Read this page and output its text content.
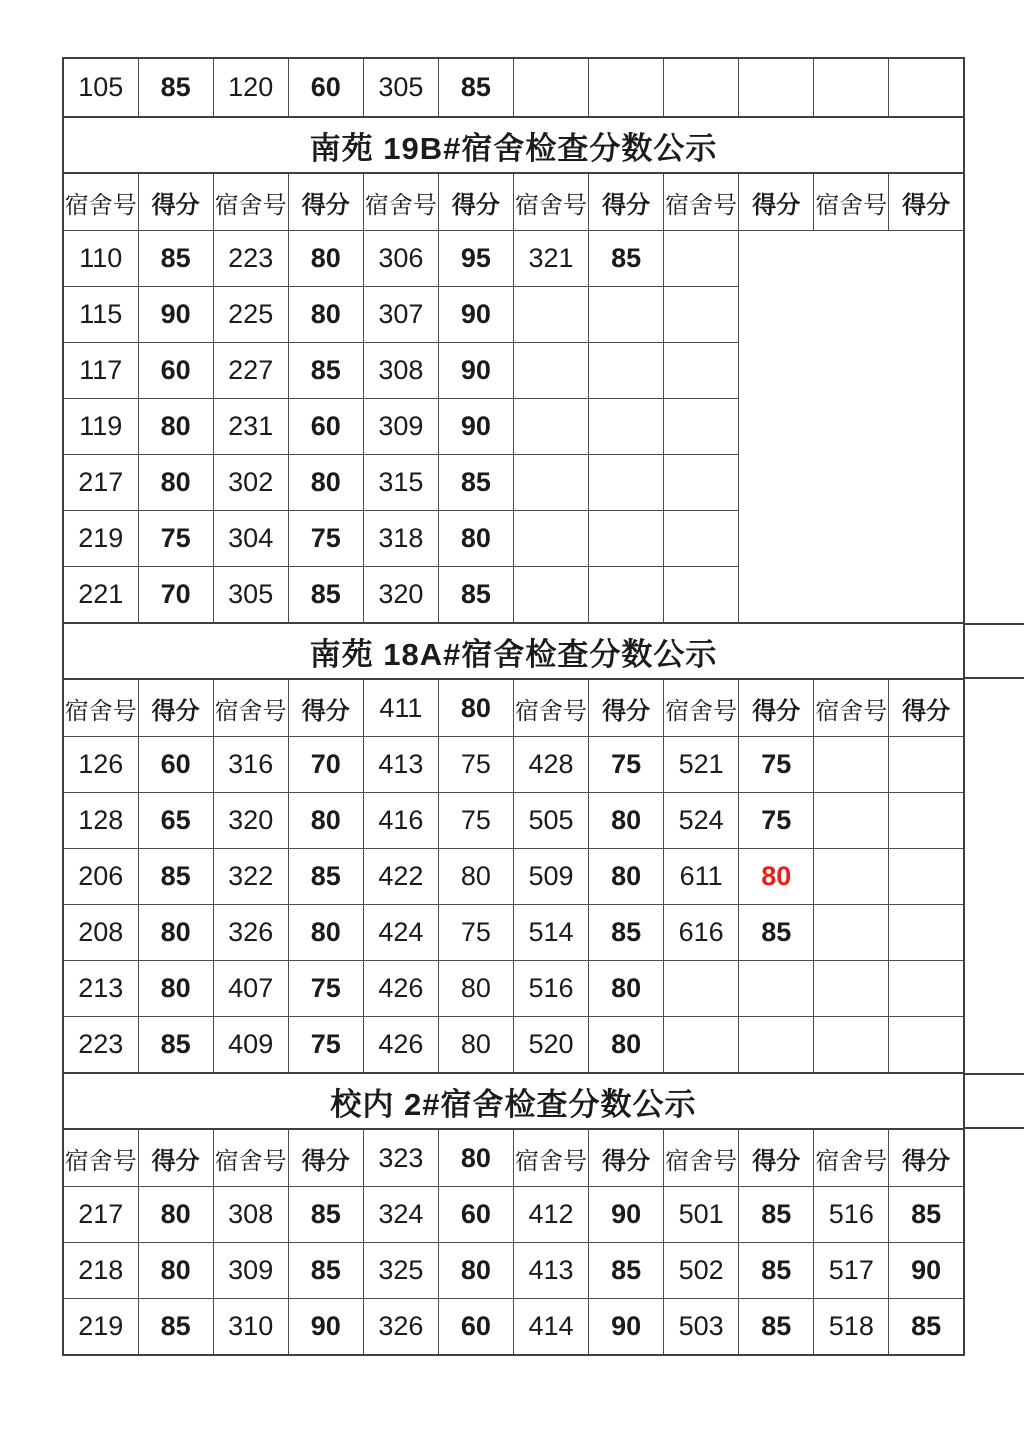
105	85	120	60	305	85						
南苑 19B#宿舍检查分数公示											
宿舍号	得分	宿舍号	得分	宿舍号	得分	宿舍号	得分	宿舍号	得分	宿舍号	得分
110	85	223	80	306	95	321	85				
115	90	225	80	307	90						
117	60	227	85	308	90						
119	80	231	60	309	90						
217	80	302	80	315	85						
219	75	304	75	318	80						
221	70	305	85	320	85						
南苑 18A#宿舍检查分数公示											
宿舍号	得分	宿舍号	得分	411	80	宿舍号	得分	宿舍号	得分	宿舍号	得分
126	60	316	70	413	75	428	75	521	75		
128	65	320	80	416	75	505	80	524	75		
206	85	322	85	422	80	509	80	611	80		
208	80	326	80	424	75	514	85	616	85		
213	80	407	75	426	80	516	80				
223	85	409	75	426	80	520	80				
校内 2#宿舍检查分数公示											
宿舍号	得分	宿舍号	得分	323	80	宿舍号	得分	宿舍号	得分	宿舍号	得分
217	80	308	85	324	60	412	90	501	85	516	85
218	80	309	85	325	80	413	85	502	85	517	90
219	85	310	90	326	60	414	90	503	85	518	85
